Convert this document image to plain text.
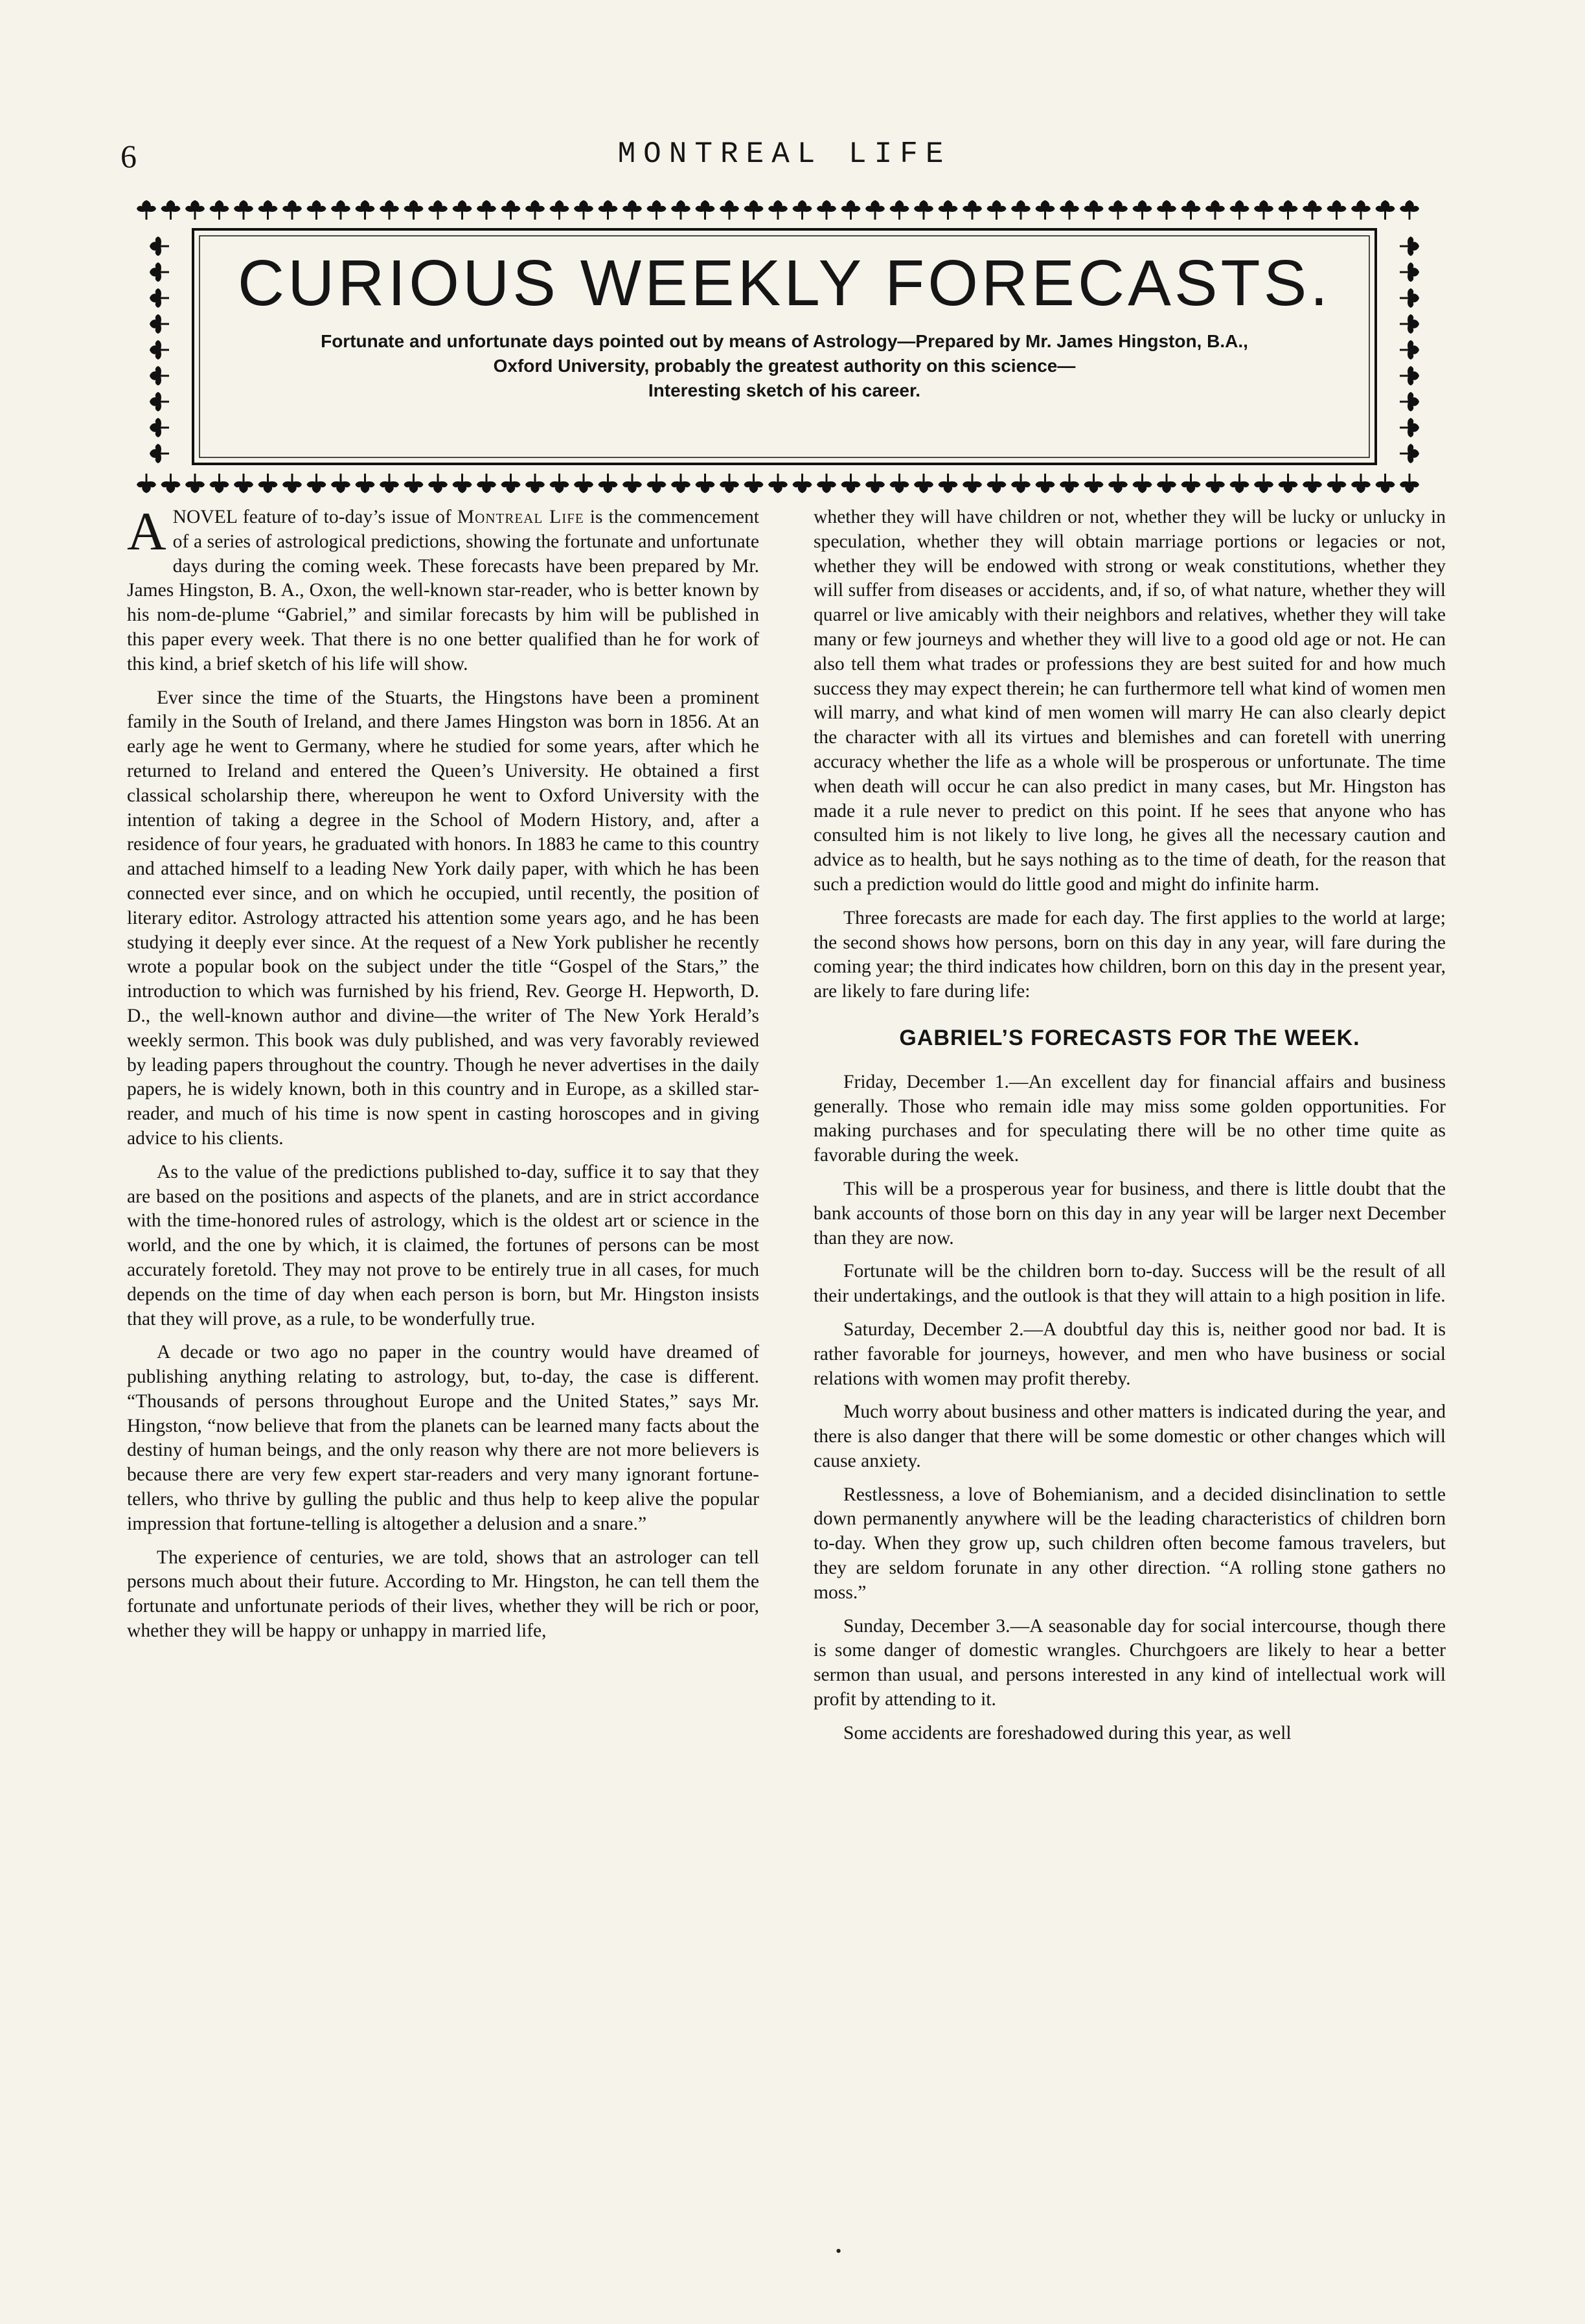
6	MONTREAL LIFE
CURIOUS WEEKLY FORECASTS.

Fortunate and unfortunate days pointed out by means of Astrology—Prepared by Mr. James Hingston, B.A.,
Oxford University, probably the greatest authority on this science—
Interesting sketch of his career.

ANOVEL feature of to-day’s issue of Montreal Life is the commencement of a series of astrological predictions, showing the fortunate and unfortunate days during the coming week. These forecasts have been prepared by Mr. James Hingston, B. A., Oxon, the well-known star-reader, who is better known by his nom-de-plume “Gabriel,” and similar forecasts by him will be published in this paper every week. That there is no one better qualified than he for work of this kind, a brief sketch of his life will show.

Ever since the time of the Stuarts, the Hingstons have been a prominent family in the South of Ireland, and there James Hingston was born in 1856. At an early age he went to Germany, where he studied for some years, after which he returned to Ireland and entered the Queen’s University. He obtained a first classical scholarship there, whereupon he went to Oxford University with the intention of taking a degree in the School of Modern History, and, after a residence of four years, he graduated with honors. In 1883 he came to this country and attached himself to a leading New York daily paper, with which he has been connected ever since, and on which he occupied, until recently, the position of literary editor. Astrology attracted his attention some years ago, and he has been studying it deeply ever since. At the request of a New York publisher he recently wrote a popular book on the subject under the title “Gospel of the Stars,” the introduction to which was furnished by his friend, Rev. George H. Hepworth, D. D., the well-known author and divine—the writer of The New York Herald’s weekly sermon. This book was duly published, and was very favorably reviewed by leading papers throughout the country. Though he never advertises in the daily papers, he is widely known, both in this country and in Europe, as a skilled star-reader, and much of his time is now spent in casting horoscopes and in giving advice to his clients.

As to the value of the predictions published to-day, suffice it to say that they are based on the positions and aspects of the planets, and are in strict accordance with the time-honored rules of astrology, which is the oldest art or science in the world, and the one by which, it is claimed, the fortunes of persons can be most accurately foretold. They may not prove to be entirely true in all cases, for much depends on the time of day when each person is born, but Mr. Hingston insists that they will prove, as a rule, to be wonderfully true.

A decade or two ago no paper in the country would have dreamed of publishing anything relating to astrology, but, to-day, the case is different. “Thousands of persons throughout Europe and the United States,” says Mr. Hingston, “now believe that from the planets can be learned many facts about the destiny of human beings, and the only reason why there are not more believers is because there are very few expert star-readers and very many ignorant fortune-tellers, who thrive by gulling the public and thus help to keep alive the popular impression that fortune-telling is altogether a delusion and a snare.”

The experience of centuries, we are told, shows that an astrologer can tell persons much about their future. According to Mr. Hingston, he can tell them the fortunate and unfortunate periods of their lives, whether they will be rich or poor, whether they will be happy or unhappy in married life,

whether they will have children or not, whether they will be lucky or unlucky in speculation, whether they will obtain marriage portions or legacies or not, whether they will be endowed with strong or weak constitutions, whether they will suffer from diseases or accidents, and, if so, of what nature, whether they will quarrel or live amicably with their neighbors and relatives, whether they will take many or few journeys and whether they will live to a good old age or not. He can also tell them what trades or professions they are best suited for and how much success they may expect therein; he can furthermore tell what kind of women men will marry, and what kind of men women will marry He can also clearly depict the character with all its virtues and blemishes and can foretell with unerring accuracy whether the life as a whole will be prosperous or unfortunate. The time when death will occur he can also predict in many cases, but Mr. Hingston has made it a rule never to predict on this point. If he sees that anyone who has consulted him is not likely to live long, he gives all the necessary caution and advice as to health, but he says nothing as to the time of death, for the reason that such a prediction would do little good and might do infinite harm.

Three forecasts are made for each day. The first applies to the world at large; the second shows how persons, born on this day in any year, will fare during the coming year; the third indicates how children, born on this day in the present year, are likely to fare during life:

GABRIEL’S FORECASTS FOR ThE WEEK.

Friday, December 1.—An excellent day for financial affairs and business generally. Those who remain idle may miss some golden opportunities. For making purchases and for speculating there will be no other time quite as favorable during the week.

This will be a prosperous year for business, and there is little doubt that the bank accounts of those born on this day in any year will be larger next December than they are now.

Fortunate will be the children born to-day. Success will be the result of all their undertakings, and the outlook is that they will attain to a high position in life.

Saturday, December 2.—A doubtful day this is, neither good nor bad. It is rather favorable for journeys, however, and men who have business or social relations with women may profit thereby.

Much worry about business and other matters is indicated during the year, and there is also danger that there will be some domestic or other changes which will cause anxiety.

Restlessness, a love of Bohemianism, and a decided disinclination to settle down permanently anywhere will be the leading characteristics of children born to-day. When they grow up, such children often become famous travelers, but they are seldom forunate in any other direction. “A rolling stone gathers no moss.”

Sunday, December 3.—A seasonable day for social intercourse, though there is some danger of domestic wrangles. Churchgoers are likely to hear a better sermon than usual, and persons interested in any kind of intellectual work will profit by attending to it.

Some accidents are foreshadowed during this year, as well

•
